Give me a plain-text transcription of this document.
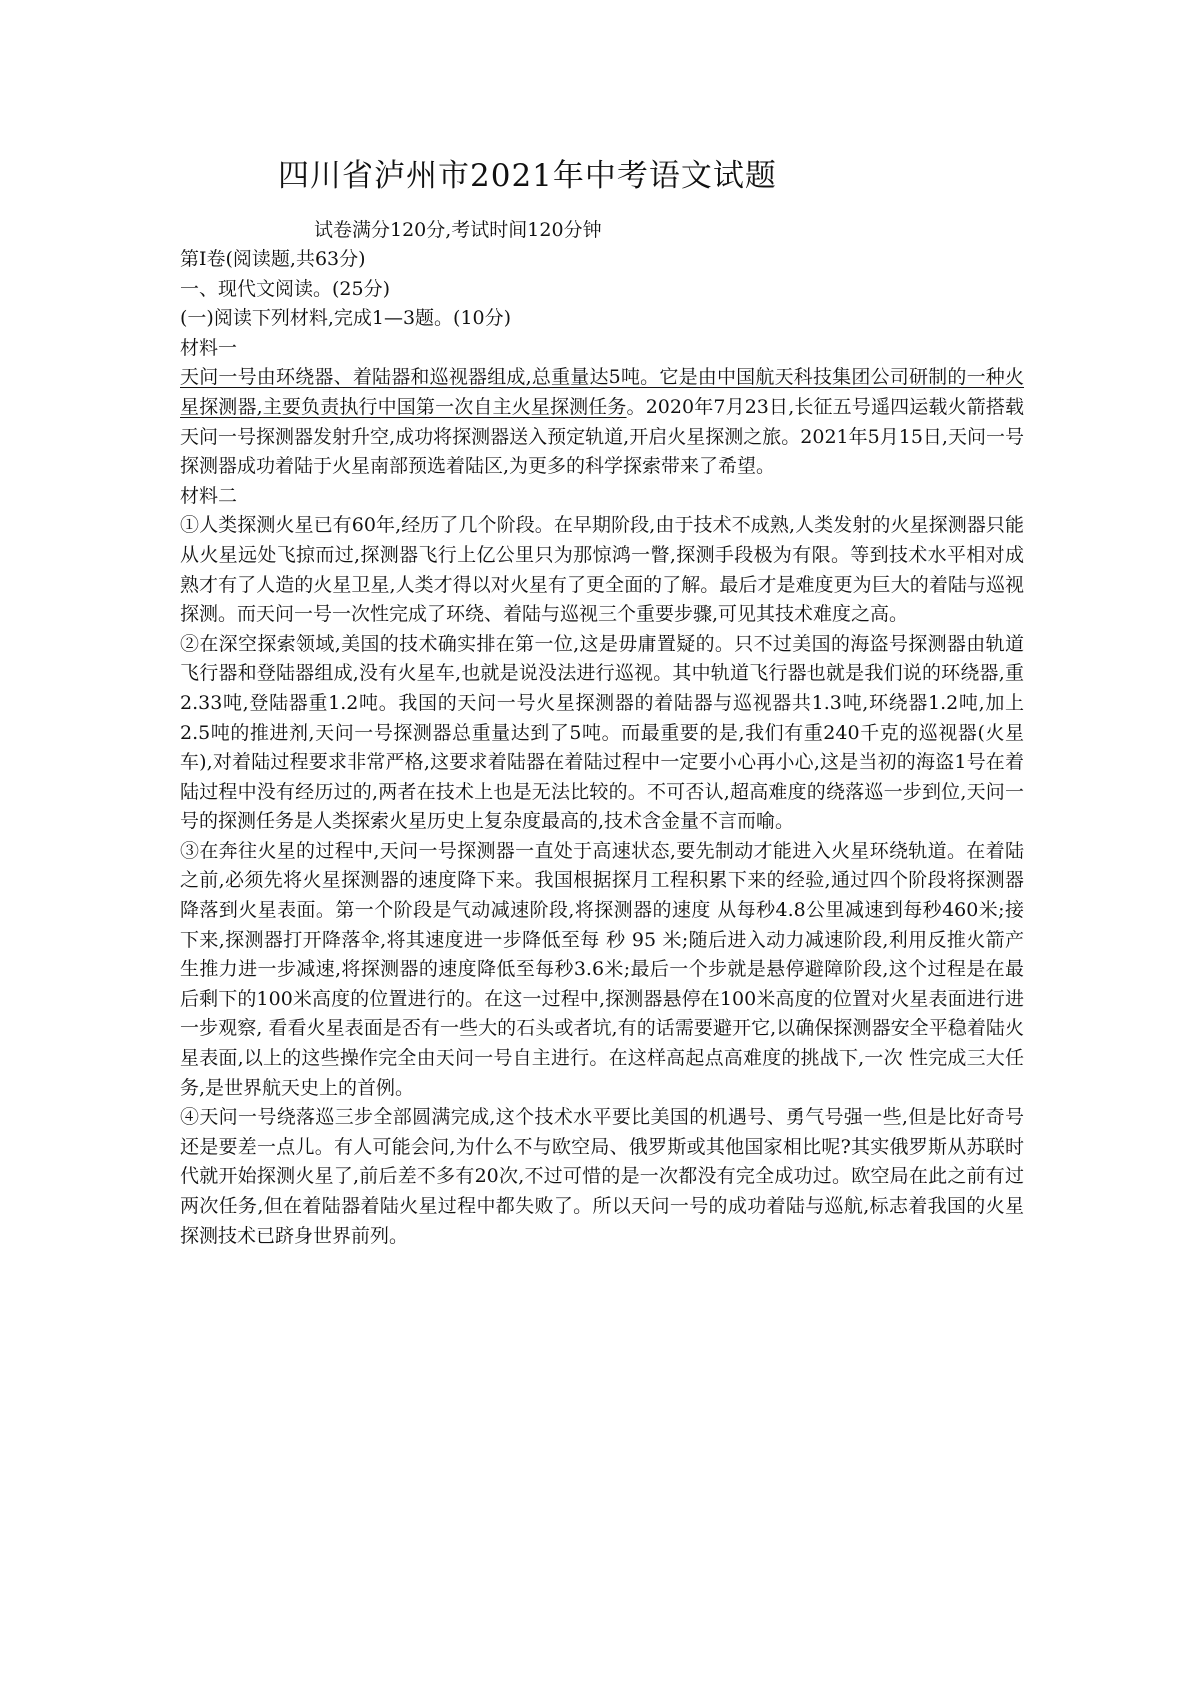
四川省泸州市2021年中考语文试题
试卷满分120分,考试时间120分钟

第Ⅰ卷(阅读题,共63分)

一、现代文阅读。(25分)

(一)阅读下列材料,完成1—3题。(10分)

材料一

天问一号由环绕器、着陆器和巡视器组成,总重量达5吨。它是由中国航天科技集团公司研制的一种火星探测器,主要负责执行中国第一次自主火星探测任务。2020年7月23日,长征五号遥四运载火箭搭载天问一号探测器发射升空,成功将探测器送入预定轨道,开启火星探测之旅。2021年5月15日,天问一号探测器成功着陆于火星南部预选着陆区,为更多的科学探索带来了希望。

材料二

①人类探测火星已有60年,经历了几个阶段。在早期阶段,由于技术不成熟,人类发射的火星探测器只能从火星远处飞掠而过,探测器飞行上亿公里只为那惊鸿一瞥,探测手段极为有限。等到技术水平相对成熟才有了人造的火星卫星,人类才得以对火星有了更全面的了解。最后才是难度更为巨大的着陆与巡视探测。而天问一号一次性完成了环绕、着陆与巡视三个重要步骤,可见其技术难度之高。

②在深空探索领域,美国的技术确实排在第一位,这是毋庸置疑的。只不过美国的海盗号探测器由轨道飞行器和登陆器组成,没有火星车,也就是说没法进行巡视。其中轨道飞行器也就是我们说的环绕器,重2.33吨,登陆器重1.2吨。我国的天问一号火星探测器的着陆器与巡视器共1.3吨,环绕器1.2吨,加上2.5吨的推进剂,天问一号探测器总重量达到了5吨。而最重要的是,我们有重240千克的巡视器(火星车),对着陆过程要求非常严格,这要求着陆器在着陆过程中一定要小心再小心,这是当初的海盗1号在着陆过程中没有经历过的,两者在技术上也是无法比较的。不可否认,超高难度的绕落巡一步到位,天问一号的探测任务是人类探索火星历史上复杂度最高的,技术含金量不言而喻。

③在奔往火星的过程中,天问一号探测器一直处于高速状态,要先制动才能进入火星环绕轨道。在着陆之前,必须先将火星探测器的速度降下来。我国根据探月工程积累下来的经验,通过四个阶段将探测器降落到火星表面。第一个阶段是气动减速阶段,将探测器的速度 从每秒4.8公里减速到每秒460米;接下来,探测器打开降落伞,将其速度进一步降低至每 秒 95 米;随后进入动力减速阶段,利用反推火箭产生推力进一步减速,将探测器的速度降低至每秒3.6米;最后一个步就是悬停避障阶段,这个过程是在最后剩下的100米高度的位置进行的。在这一过程中,探测器悬停在100米高度的位置对火星表面进行进一步观察, 看看火星表面是否有一些大的石头或者坑,有的话需要避开它,以确保探测器安全平稳着陆火星表面,以上的这些操作完全由天问一号自主进行。在这样高起点高难度的挑战下,一次 性完成三大任务,是世界航天史上的首例。

④天问一号绕落巡三步全部圆满完成,这个技术水平要比美国的机遇号、勇气号强一些,但是比好奇号还是要差一点儿。有人可能会问,为什么不与欧空局、俄罗斯或其他国家相比呢?其实俄罗斯从苏联时代就开始探测火星了,前后差不多有20次,不过可惜的是一次都没有完全成功过。欧空局在此之前有过两次任务,但在着陆器着陆火星过程中都失败了。所以天问一号的成功着陆与巡航,标志着我国的火星探测技术已跻身世界前列。
